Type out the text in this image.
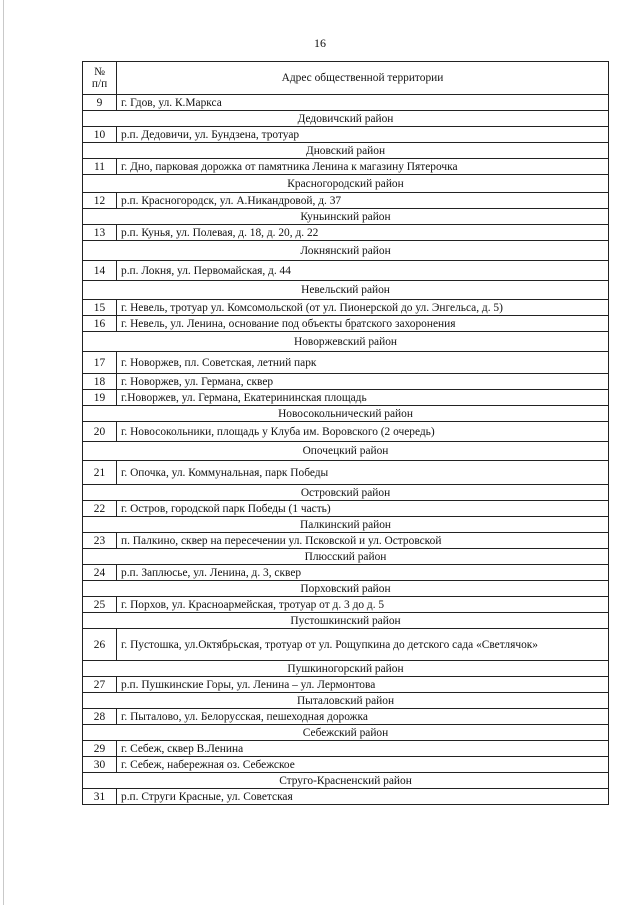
16
№
п/п	Адрес общественной территории
9	г. Гдов, ул. К.Маркса
Дедовичский район	
10	р.п. Дедовичи, ул. Бундзена, тротуар
Дновский район	
11	г. Дно, парковая дорожка от памятника Ленина к магазину Пятерочка
Красногородский район	
12	р.п. Красногородск, ул. А.Никандровой, д. 37
Куньинский район	
13	р.п. Кунья, ул. Полевая, д. 18, д. 20, д. 22
Локнянский район	
14	р.п. Локня, ул. Первомайская, д. 44
Невельский район	
15	г. Невель, тротуар ул. Комсомольской (от ул. Пионерской до ул. Энгельса, д. 5)
16	г. Невель, ул. Ленина, основание под объекты братского захоронения
Новоржевский район	
17	г. Новоржев, пл. Советская, летний парк
18	г. Новоржев, ул. Германа, сквер
19	г.Новоржев, ул. Германа, Екатерининская площадь
Новосокольнический район	
20	г. Новосокольники, площадь у Клуба им. Воровского (2 очередь)
Опочецкий район	
21	г. Опочка, ул. Коммунальная, парк Победы
Островский район	
22	г. Остров, городской парк Победы (1 часть)
Палкинский район	
23	п. Палкино, сквер на пересечении ул. Псковской и ул. Островской
Плюсский район	
24	р.п. Заплюсье, ул. Ленина, д. 3, сквер
Порховский район	
25	г. Порхов, ул. Красноармейская, тротуар от д. 3 до д. 5
Пустошкинский район	
26	г. Пустошка, ул.Октябрьская, тротуар от ул. Рощупкина до детского сада «Светлячок»
Пушкиногорский район	
27	р.п. Пушкинские Горы, ул. Ленина – ул. Лермонтова
Пыталовский район	
28	г. Пыталово, ул. Белорусская, пешеходная дорожка
Себежский район	
29	г. Себеж, сквер В.Ленина
30	г. Себеж, набережная оз. Себежское
Струго-Красненский район	
31	р.п. Струги Красные, ул. Советская
